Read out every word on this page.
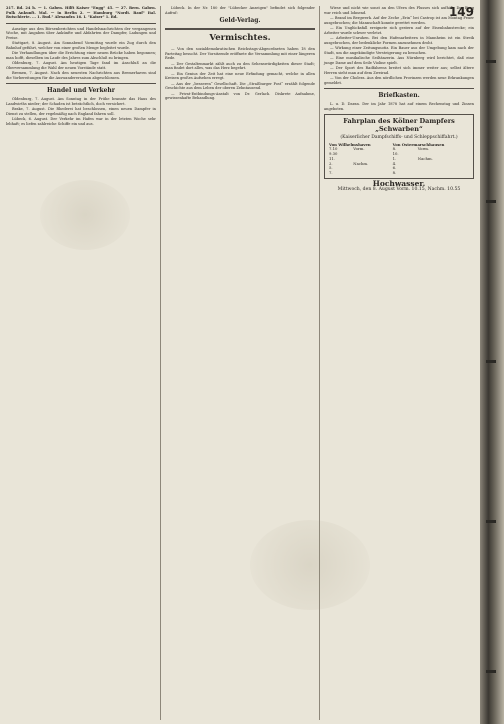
217. Bd. 24 h. — 1. Gaben. Hilft Kaiser "Engg" 45. — 27. Bern. Gaben. Pulk Ankunft. Mal. — in Berlin 2. — Hamburg "Nordt. Bauf" Ital. Rutschierte. ... 1. Rud." Alexandra 16. I. "Kaiser" 1. Bd.

Auszüge aus den Börsenberichten und Handelsnachrichten der vergangenen Woche, mit Angaben über Ankünfte und Abfahrten der Dampfer, Ladungen und Preise.

Stattgart, 8. August. Am Sonnabend Vormittag wurde ein Zug durch den Bahnhof geführt, welcher von einer großen Menge begleitet wurde.

Die Verhandlungen über die Errichtung einer neuen Brücke haben begonnen; man hofft, dieselben im Laufe des Jahres zum Abschluß zu bringen.

Oldenburg, 7. August. Am heutigen Tage fand im Anschluß an die Oberversammlung die Wahl der neuen Vorstände statt.

Bremen, 7. August. Nach den neuesten Nachrichten aus Bremerhaven sind die Vorbereitungen für die Auswanderersaison abgeschlossen.

Handel und Verkehr

Oldenburg, 7. August. Am Sonntag in der Frühe brannte das Haus des Landwirths nieder; der Schaden ist beträchtlich, doch versichert.

Brake, 7. August. Die Rhederei hat beschlossen, einen neuen Dampfer in Dienst zu stellen, der regelmäßig nach England fahren soll.

Lübeck, 6. August. Der Verkehr im Hafen war in der letzten Woche sehr lebhaft; es liefen zahlreiche Schiffe ein und aus.

Lübeck. In der Nr. 180 der "Lübecker Anzeigen" befindet sich folgender Aufruf:

Geld-Verlag.
Vermischtes.

— Von den sozialdemokratischen Reichstags-Abgeordneten haben 18 den Parteitag besucht. Der Vorsitzende eröffnete die Versammlung mit einer längeren Rede.

— Der Gestaltenmarkt zählt auch zu den Sehenswürdigkeiten dieser Stadt; man findet dort alles, was das Herz begehrt.

— Ein Genius der Zeit hat eine neue Erfindung gemacht, welche in allen Kreisen großes Aufsehen erregt.

— Aus der „besseren“ Gesellschaft. Die „Straßburger Post“ erzählt folgende Geschichte aus dem Leben der oberen Zehntausend.

— Privat-Entbindungs-Anstalt von Dr. Gerlach. Diskrete Aufnahme, gewissenhafte Behandlung.

Wiese und nicht wie sonst an den Ufern des Flusses sich aufhält. Der Fang war reich und lohnend.

— Brand im Bergwerk. Auf der Zeche „Erin“ bei Castrop ist am Montag Feuer ausgebrochen; die Mannschaft konnte gerettet werden.

— Ein Unglücksfall ereignete sich gestern auf der Eisenbahnstrecke; ein Arbeiter wurde schwer verletzt.

— Arbeiter-Unruhen. Bei den Hafenarbeitern in Mannheim ist ein Streik ausgebrochen, der bedenkliche Formen anzunehmen droht.

— Wirkung einer Zeitungsnotiz. Ein Bauer aus der Umgebung kam nach der Stadt, um die angekündigte Versteigerung zu besuchen.

— Eine musikalische Seiltänzerin. Aus Nürnberg wird berichtet, daß eine junge Dame auf dem Seile Violine spielt.

— Der Sport des Radfahrens breitet sich immer weiter aus; selbst ältere Herren sieht man auf dem Zweirad.

— Von der Cholera. Aus den nördlichen Provinzen werden neue Erkrankungen gemeldet.

Briefkasten.

L. u. D. Daran. Der im Jahr 1878 hat auf einem Rechenstag und Zinsen angeboten.

Fahrplan des Kölner Dampfers „Schwarben“
(Kaiserlicher Dampfschiffs- und Schleppschiffahrt.)
Von Wilhelmshaven		Von Ostermarschhausen	
7.10	Vorm.	8.	Vorm.
9.30		10.	
11.		1.	Nachm.
2.	Nachm.	4.	
5.		6.	
7.		8.	
Hochwasser.
Mittwoch, den 8. August Vorm. 10.15, Nachm. 10.55
149
